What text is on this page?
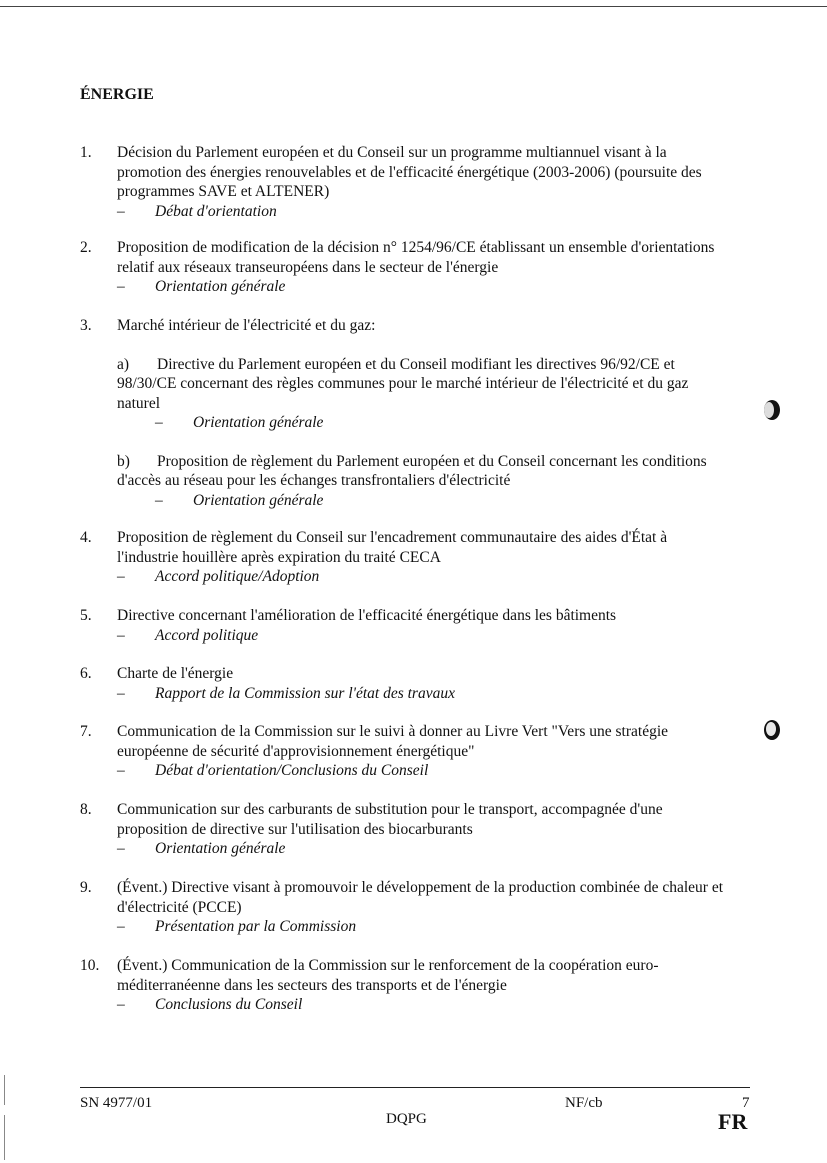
ÉNERGIE
1. Décision du Parlement européen et du Conseil sur un programme multiannuel visant à la promotion des énergies renouvelables et de l'efficacité énergétique (2003-2006) (poursuite des programmes SAVE et ALTENER)
– Débat d'orientation
2. Proposition de modification de la décision n° 1254/96/CE établissant un ensemble d'orientations relatif aux réseaux transeuropéens dans le secteur de l'énergie
– Orientation générale
3. Marché intérieur de l'électricité et du gaz:
a) Directive du Parlement européen et du Conseil modifiant les directives 96/92/CE et 98/30/CE concernant des règles communes pour le marché intérieur de l'électricité et du gaz naturel
– Orientation générale
b) Proposition de règlement du Parlement européen et du Conseil concernant les conditions d'accès au réseau pour les échanges transfrontaliers d'électricité
– Orientation générale
4. Proposition de règlement du Conseil sur l'encadrement communautaire des aides d'État à l'industrie houillère après expiration du traité CECA
– Accord politique/Adoption
5. Directive concernant l'amélioration de l'efficacité énergétique dans les bâtiments
– Accord politique
6. Charte de l'énergie
– Rapport de la Commission sur l'état des travaux
7. Communication de la Commission sur le suivi à donner au Livre Vert "Vers une stratégie européenne de sécurité d'approvisionnement énergétique"
– Débat d'orientation/Conclusions du Conseil
8. Communication sur des carburants de substitution pour le transport, accompagnée d'une proposition de directive sur l'utilisation des biocarburants
– Orientation générale
9. (Évent.) Directive visant à promouvoir le développement de la production combinée de chaleur et d'électricité (PCCE)
– Présentation par la Commission
10. (Évent.) Communication de la Commission sur le renforcement de la coopération euro-méditerranéenne dans les secteurs des transports et de l'énergie
– Conclusions du Conseil
SN 4977/01
DQPG
NF/cb	7
FR
